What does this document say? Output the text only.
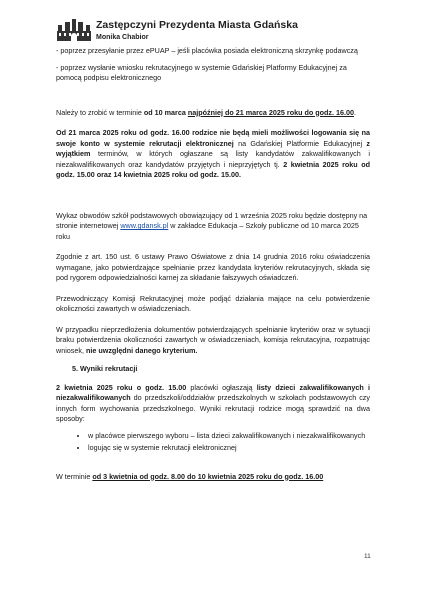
Zastępczyni Prezydenta Miasta Gdańska
Monika Chabior

- poprzez przesyłanie przez ePUAP – jeśli placówka posiada elektroniczną skrzynkę podawczą

- poprzez wysłanie wniosku rekrutacyjnego w systemie Gdańskiej Platformy Edukacyjnej za pomocą podpisu elektronicznego

Należy to zrobić w terminie od 10 marca najpóźniej do 21 marca 2025 roku do godz. 16.00.

Od 21 marca 2025 roku od godz. 16.00 rodzice nie będą mieli możliwości logowania się na swoje konto w systemie rekrutacji elektronicznej na Gdańskiej Platformie Edukacyjnej z wyjątkiem terminów, w których ogłaszane są listy kandydatów zakwalifikowanych i niezakwalifikowanych oraz kandydatów przyjętych i nieprzyjętych tj. 2 kwietnia 2025 roku od godz. 15.00 oraz 14 kwietnia 2025 roku od godz. 15.00.

Wykaz obwodów szkół podstawowych obowiązujący od 1 września 2025 roku będzie dostępny na stronie internetowej www.gdansk.pl w zakładce Edukacja – Szkoły publiczne od 10 marca 2025 roku

Zgodnie z art. 150 ust. 6 ustawy Prawo Oświatowe z dnia 14 grudnia 2016 roku oświadczenia wymagane, jako potwierdzające spełnianie przez kandydata kryteriów rekrutacyjnych, składa się pod rygorem odpowiedzialności karnej za składanie fałszywych oświadczeń.

Przewodniczący Komisji Rekrutacyjnej może podjąć działania mające na celu potwierdzenie okoliczności zawartych w oświadczeniach.

W przypadku nieprzedłożenia dokumentów potwierdzających spełnianie kryteriów oraz w sytuacji braku potwierdzenia okoliczności zawartych w oświadczeniach, komisja rekrutacyjna, rozpatrując wniosek, nie uwzględni danego kryterium.

5. Wyniki rekrutacji

2 kwietnia 2025 roku o godz. 15.00 placówki ogłaszają listy dzieci zakwalifikowanych i niezakwalifikowanych do przedszkoli/oddziałów przedszkolnych w szkołach podstawowych czy innych form wychowania przedszkolnego. Wyniki rekrutacji rodzice mogą sprawdzić na dwa sposoby:

• w placówce pierwszego wyboru – lista dzieci zakwalifikowanych i niezakwalifikowanych
• logując się w systemie rekrutacji elektronicznej

W terminie od 3 kwietnia od godz. 8.00 do 10 kwietnia 2025 roku do godz. 16.00

11
